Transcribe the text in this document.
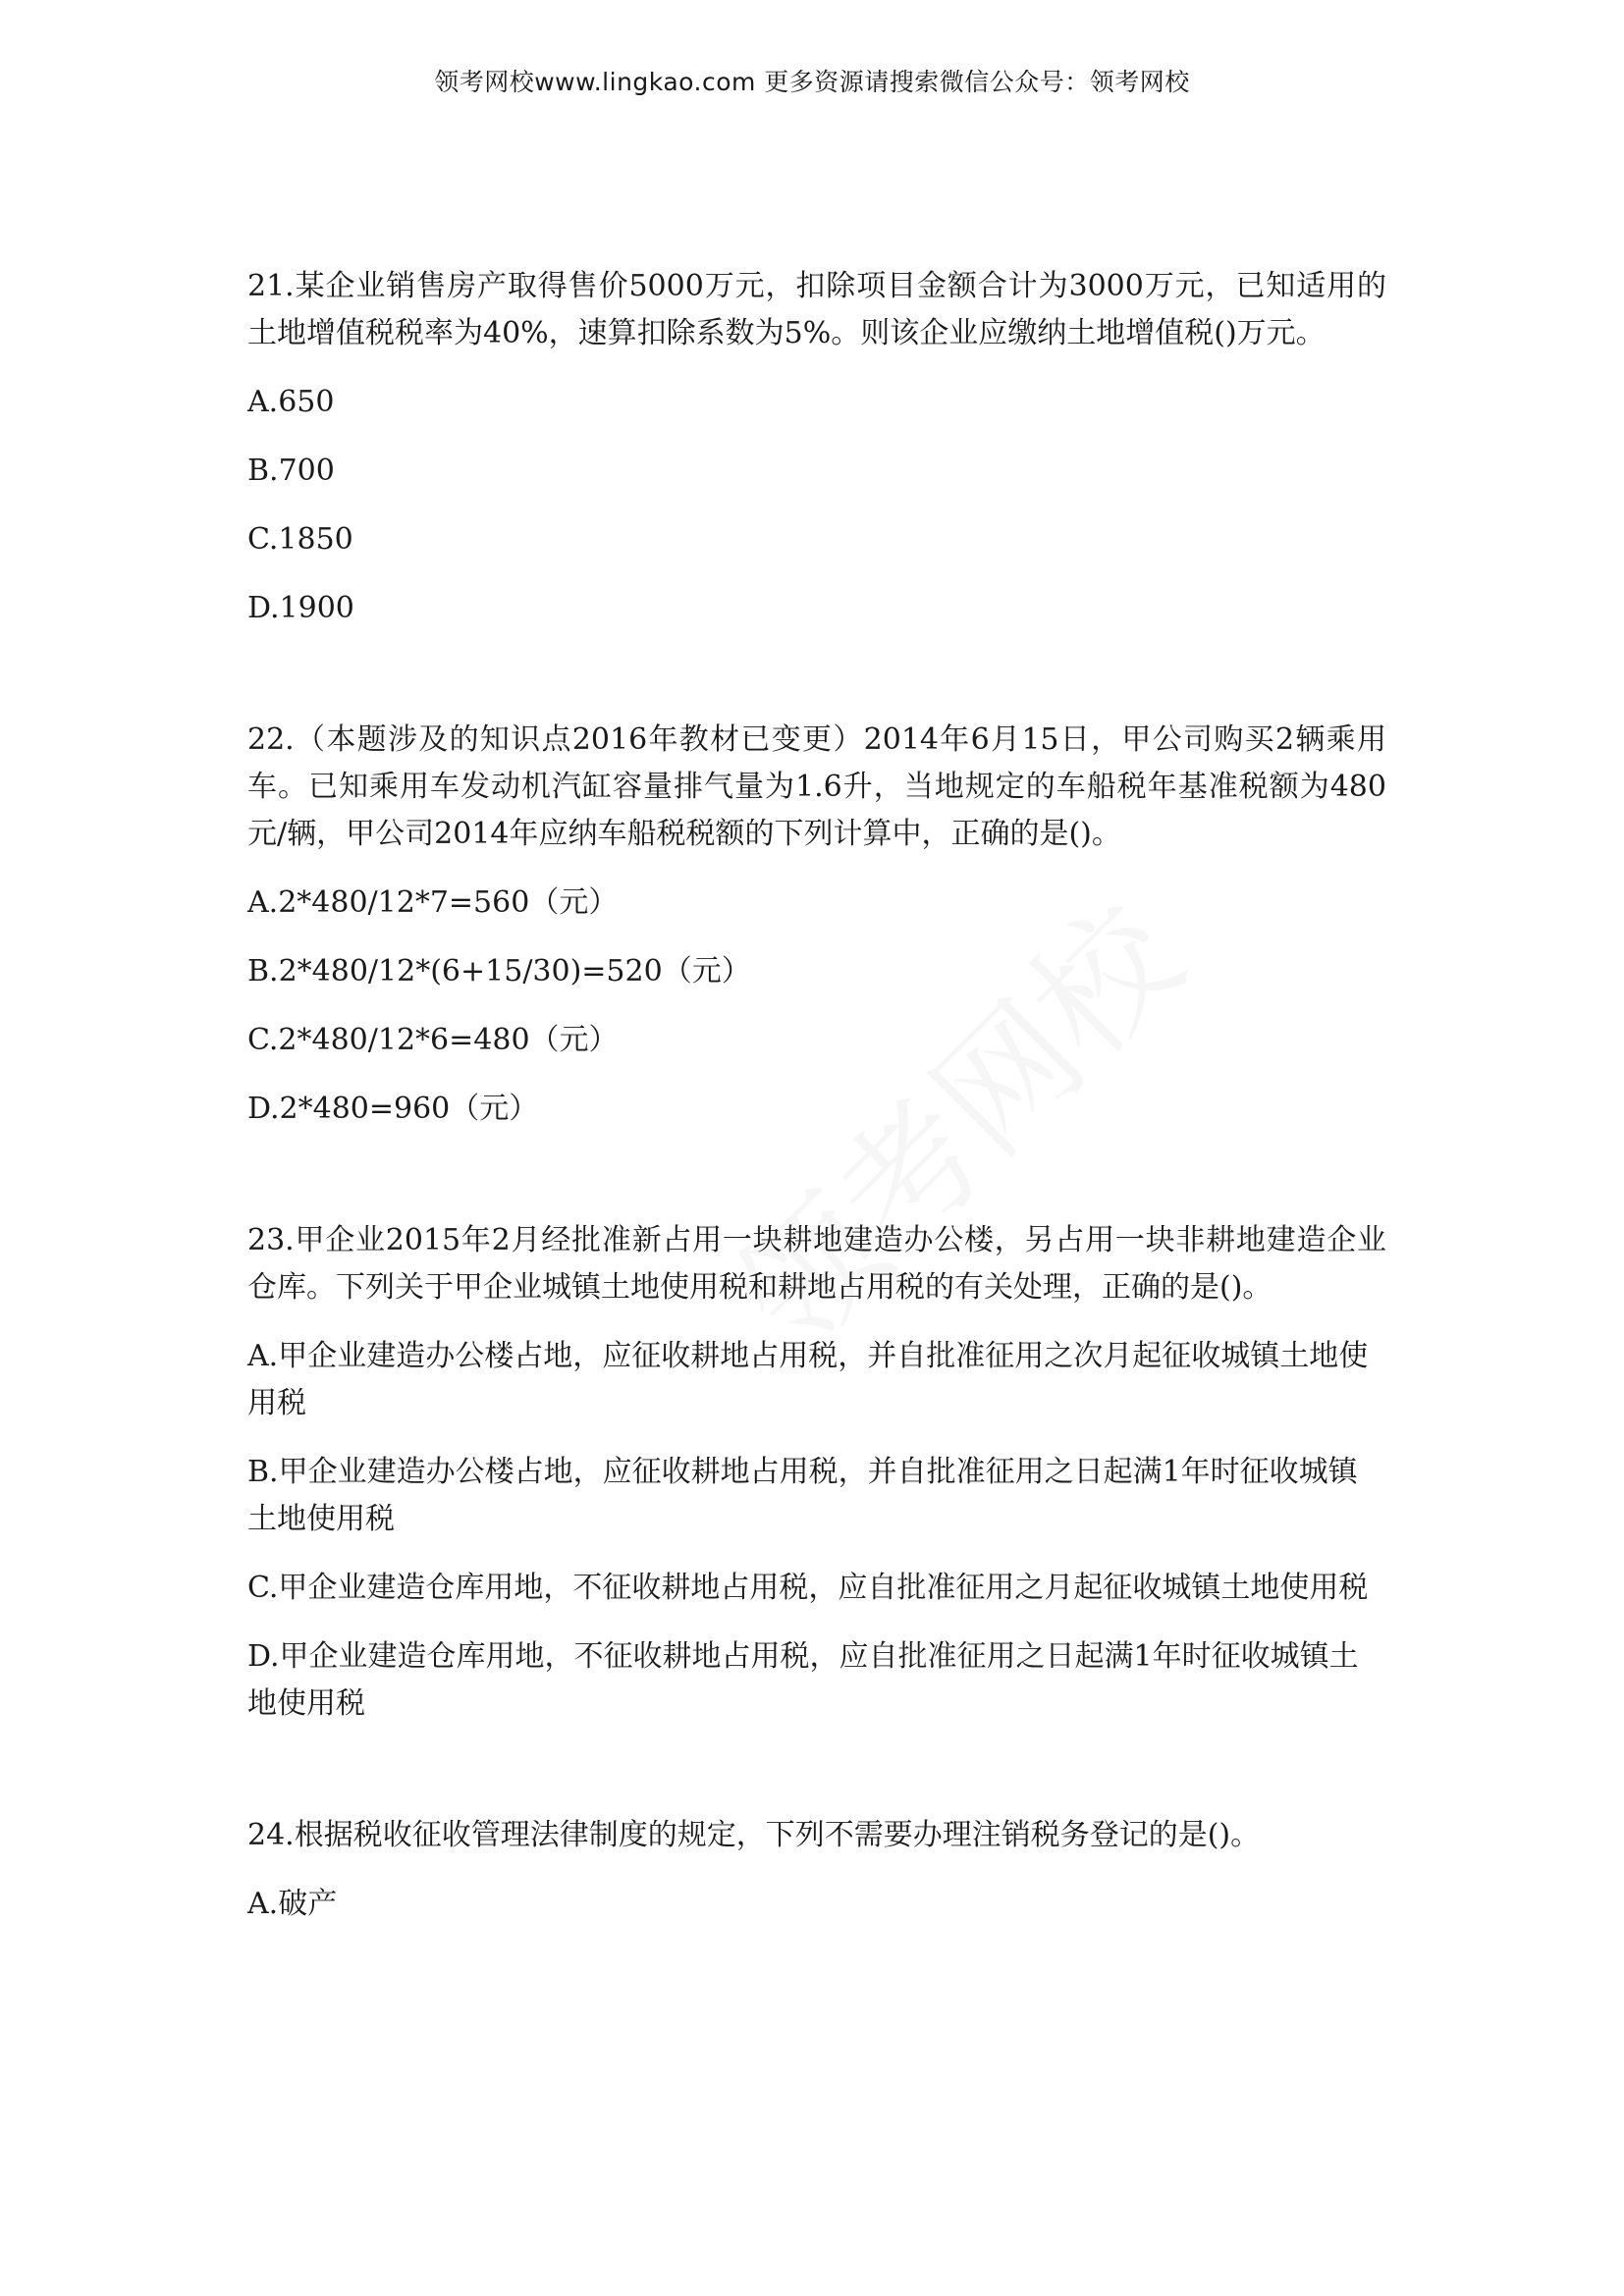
领考网校www.lingkao.com 更多资源请搜索微信公众号：领考网校

21.某企业销售房产取得售价5000万元，扣除项目金额合计为3000万元，已知适用的土地增值税税率为40%，速算扣除系数为5%。则该企业应缴纳土地增值税()万元。

A.650

B.700

C.1850

D.1900

22.（本题涉及的知识点2016年教材已变更）2014年6月15日，甲公司购买2辆乘用车。已知乘用车发动机汽缸容量排气量为1.6升，当地规定的车船税年基准税额为480元/辆，甲公司2014年应纳车船税税额的下列计算中，正确的是()。

A.2*480/12*7=560（元）

B.2*480/12*(6+15/30)=520（元）

C.2*480/12*6=480（元）

D.2*480=960（元）

23.甲企业2015年2月经批准新占用一块耕地建造办公楼，另占用一块非耕地建造企业仓库。下列关于甲企业城镇土地使用税和耕地占用税的有关处理，正确的是()。

A.甲企业建造办公楼占地，应征收耕地占用税，并自批准征用之次月起征收城镇土地使用税

B.甲企业建造办公楼占地，应征收耕地占用税，并自批准征用之日起满1年时征收城镇土地使用税

C.甲企业建造仓库用地，不征收耕地占用税，应自批准征用之月起征收城镇土地使用税

D.甲企业建造仓库用地，不征收耕地占用税，应自批准征用之日起满1年时征收城镇土地使用税

24.根据税收征收管理法律制度的规定，下列不需要办理注销税务登记的是()。

A.破产
